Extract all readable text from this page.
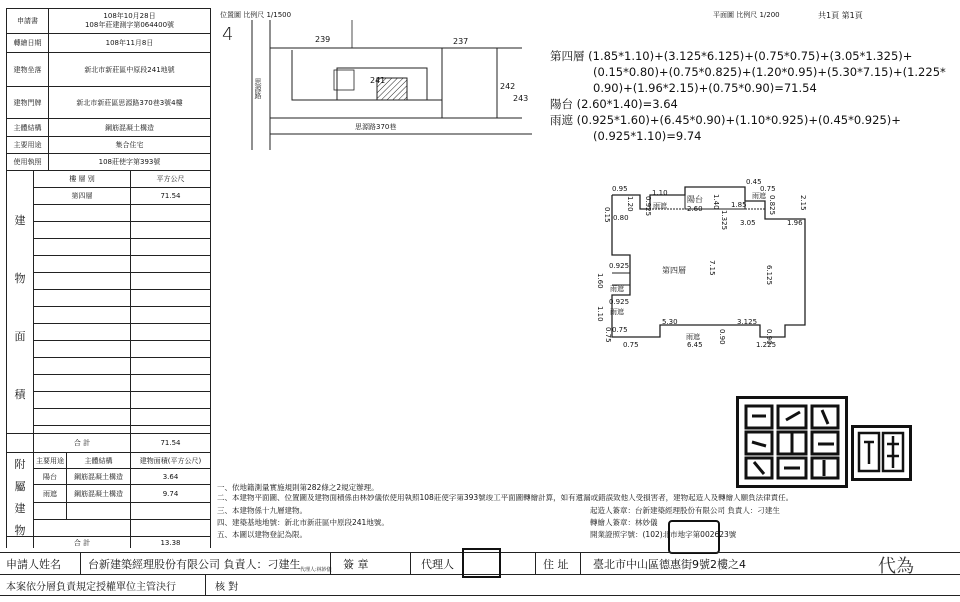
申請書
108年10月28日
108年莊建測字第064400號
轉繪日期	108年11月8日
建物坐落	新北市新莊區中原段241地號
建物門牌	新北市新莊區思源路370巷3號4樓
主體結構	鋼筋混凝土構造
主要用途	集合住宅
使用執照	108莊使字第393號
樓 層 別	平方公尺
第四層	71.54
建
物
面
積
合 計	71.54
主要用途	主體結構	建物面積(平方公尺)
陽台	鋼筋混凝土構造	3.64
雨遮	鋼筋混凝土構造	9.74
附
屬
建
物
合 計	13.38
位置圖 比例尺 1/1500
4	239	237
241
242
243
思源路
思源路370巷
平面圖 比例尺 1/200	共1頁 第1頁
第四層 (1.85*1.10)+(3.125*6.125)+(0.75*0.75)+(3.05*1.325)+
(0.15*0.80)+(0.75*0.825)+(1.20*0.95)+(5.30*7.15)+(1.225*
0.90)+(1.96*2.15)+(0.75*0.90)=71.54
陽台 (2.60*1.40)=3.64
雨遮 (0.925*1.60)+(6.45*0.90)+(1.10*0.925)+(0.45*0.925)+
(0.925*1.10)=9.74
第四層
陽台
雨遮
雨遮
雨遮
雨遮
雨遮
0.95	1.10
0.45
0.75
1.20 0.925	2.60 1.40 1.85
1.325
0.825	2.15
0.15 0.80
3.05	1.96
7.15	6.125
0.925
1.60
0.925
1.10
5.30	3.125
0.75 0.75	0.90	0.90
0.75	6.45	1.225
一、依地籍測量實施規則第282條之2規定辦理。
二、本建物平面圖、位置圖及建物面積係由林妙儀依使用執照108莊使字第393號竣工平面圖轉繪計算，如有遺漏或錯誤致他人受損害者，建物起造人及轉繪人願負法律責任。
三、本建物係十九層建物。
四、建築基地地號：新北市新莊區中原段241地號。
五、本圖以建物登記為限。
起造人簽章：台新建築經理股份有限公司 負責人：刁建生
轉繪人簽章：林妙儀
開業證照字號：(102)北市地字第002623號
申請人姓名 台新建築經理股份有限公司 負責人：刁建生 代理人:林妙儀 簽 章	代理人	住 址 臺北市中山區德惠街9號2樓之4	代為
本案依分層負責規定授權單位主管決行	核 對
